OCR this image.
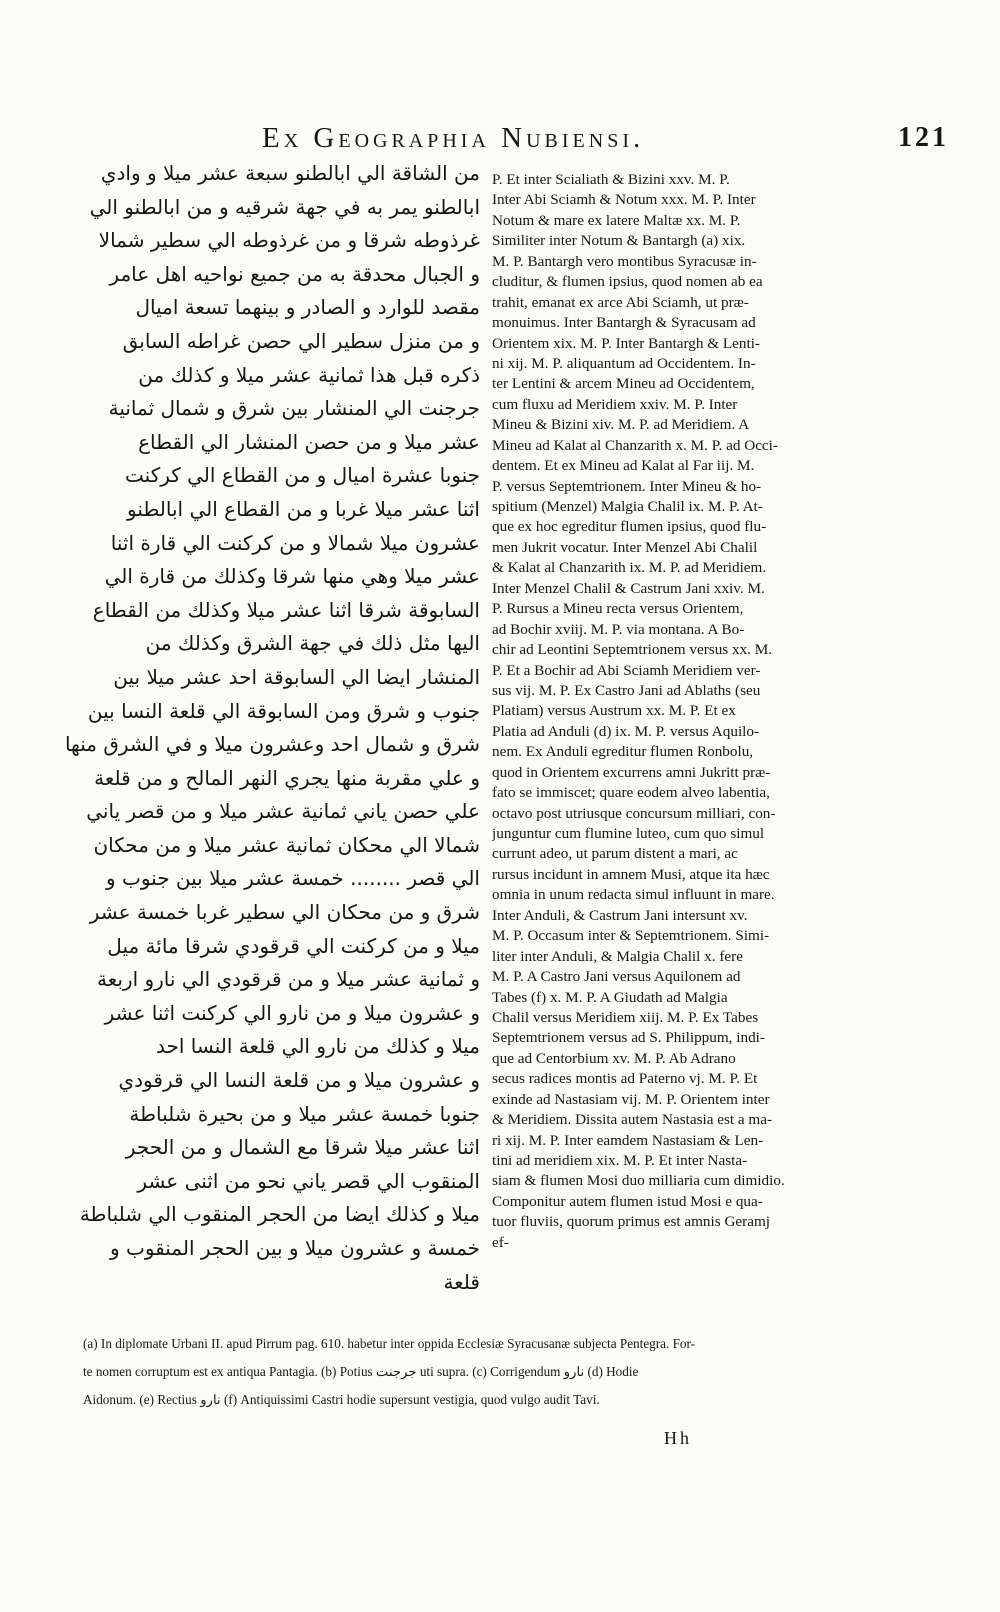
Ex Geographia Nubiensi.	121
من الشاقة الي ابالطنو سبعة عشر ميلا و وادي
ابالطنو يمر به في جهة شرقيه و من ابالطنو الي
غرذوطه شرقا و من غرذوطه الي سطير شمالا
و الجبال محدقة به من جميع نواحيه اهل عامر
مقصد للوارد و الصادر و بينهما تسعة اميال
و من منزل سطير الي حصن غراطه السابق
ذكره قبل هذا ثمانية عشر ميلا و كذلك من
جرجنت الي المنشار بين شرق و شمال ثمانية
عشر ميلا و من حصن المنشار الي القطاع
جنوبا عشرة اميال و من القطاع الي كركنت
اثنا عشر ميلا غربا و من القطاع الي ابالطنو
عشرون ميلا شمالا و من كركنت الي قارة اثنا
عشر ميلا وهي منها شرقا وكذلك من قارة الي
السابوقة شرقا اثنا عشر ميلا وكذلك من القطاع
اليها مثل ذلك في جهة الشرق وكذلك من
المنشار ايضا الي السابوقة احد عشر ميلا بين
جنوب و شرق ومن السابوقة الي قلعة النسا بين
شرق و شمال احد وعشرون ميلا و في الشرق منها
و علي مقربة منها يجري النهر المالح و من قلعة
علي حصن ياني ثمانية عشر ميلا و من قصر ياني
شمالا الي محكان ثمانية عشر ميلا و من محكان
الي قصر ........ خمسة عشر ميلا بين جنوب و
شرق و من محكان الي سطير غربا خمسة عشر
ميلا و من كركنت الي قرقودي شرقا مائة ميل
و ثمانية عشر ميلا و من قرقودي الي نارو اربعة
و عشرون ميلا و من نارو الي كركنت اثنا عشر
ميلا و كذلك من نارو الي قلعة النسا احد
و عشرون ميلا و من قلعة النسا الي قرقودي
جنوبا خمسة عشر ميلا و من بحيرة شلباطة
اثنا عشر ميلا شرقا مع الشمال و من الحجر
المنقوب الي قصر ياني نحو من اثنى عشر
ميلا و كذلك ايضا من الحجر المنقوب الي شلباطة
خمسة و عشرون ميلا و بين الحجر المنقوب و
قلعة
P. Et inter Scialiath & Bizini xxv. M. P.
Inter Abi Sciamh & Notum xxx. M. P. Inter
Notum & mare ex latere Maltæ xx. M. P.
Similiter inter Notum & Bantargh (a) xix.
M. P. Bantargh vero montibus Syracusæ in-
cluditur, & flumen ipsius, quod nomen ab ea
trahit, emanat ex arce Abi Sciamh, ut præ-
monuimus. Inter Bantargh & Syracusam ad
Orientem xix. M. P. Inter Bantargh & Lenti-
ni xij. M. P. aliquantum ad Occidentem. In-
ter Lentini & arcem Mineu ad Occidentem,
cum fluxu ad Meridiem xxiv. M. P. Inter
Mineu & Bizini xiv. M. P. ad Meridiem. A
Mineu ad Kalat al Chanzarith x. M. P. ad Occi-
dentem. Et ex Mineu ad Kalat al Far iij. M.
P. versus Septemtrionem. Inter Mineu & ho-
spitium (Menzel) Malgia Chalil ix. M. P. At-
que ex hoc egreditur flumen ipsius, quod flu-
men Jukrit vocatur. Inter Menzel Abi Chalil
& Kalat al Chanzarith ix. M. P. ad Meridiem.
Inter Menzel Chalil & Castrum Jani xxiv. M.
P. Rursus a Mineu recta versus Orientem,
ad Bochir xviij. M. P. via montana. A Bo-
chir ad Leontini Septemtrionem versus xx. M.
P. Et a Bochir ad Abi Sciamh Meridiem ver-
sus vij. M. P. Ex Castro Jani ad Ablaths (seu
Platiam) versus Austrum xx. M. P. Et ex
Platia ad Anduli (d) ix. M. P. versus Aquilo-
nem. Ex Anduli egreditur flumen Ronbolu,
quod in Orientem excurrens amni Jukritt præ-
fato se immiscet; quare eodem alveo labentia,
octavo post utriusque concursum milliari, con-
junguntur cum flumine luteo, cum quo simul
currunt adeo, ut parum distent a mari, ac
rursus incidunt in amnem Musi, atque ita hæc
omnia in unum redacta simul influunt in mare.
Inter Anduli, & Castrum Jani intersunt xv.
M. P. Occasum inter & Septemtrionem. Simi-
liter inter Anduli, & Malgia Chalil x. fere
M. P. A Castro Jani versus Aquilonem ad
Tabes (f) x. M. P. A Giudath ad Malgia
Chalil versus Meridiem xiij. M. P. Ex Tabes
Septemtrionem versus ad S. Philippum, indi-
que ad Centorbium xv. M. P. Ab Adrano
secus radices montis ad Paterno vj. M. P. Et
exinde ad Nastasiam vij. M. P. Orientem inter
& Meridiem. Dissita autem Nastasia est a ma-
ri xij. M. P. Inter eamdem Nastasiam & Len-
tini ad meridiem xix. M. P. Et inter Nasta-
siam & flumen Mosi duo milliaria cum dimidio.
Componitur autem flumen istud Mosi e qua-
tuor fluviis, quorum primus est amnis Geramj
ef-
(a) In diplomate Urbani II. apud Pirrum pag. 610. habetur inter oppida Ecclesiæ Syracusanæ subjecta Pentegra. For-
te nomen corruptum est ex antiqua Pantagia. (b) Potius جرجنت uti supra. (c) Corrigendum نارو (d) Hodie
Aidonum. (e) Rectius نارو (f) Antiquissimi Castri hodie supersunt vestigia, quod vulgo audit Tavi.
Hh
